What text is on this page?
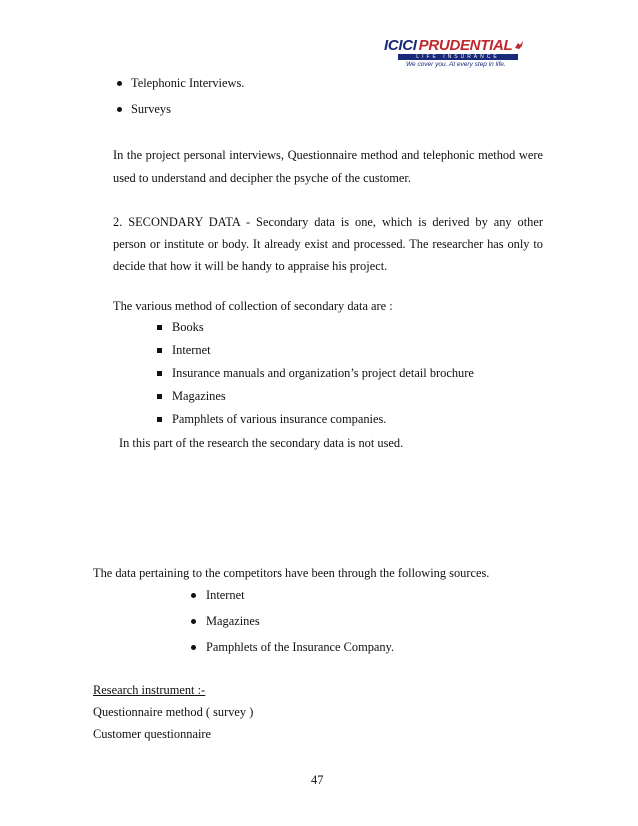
ICICI PRUDENTIAL
LIFE INSURANCE
We cover you. At every step in life.
Telephonic Interviews.
Surveys
In the project personal interviews, Questionnaire method and telephonic method were
used to understand and decipher the psyche of the customer.
2. SECONDARY DATA - Secondary data is one, which is derived by any other
person or institute or body. It already exist and processed. The researcher has only to
decide that how it will be handy to appraise his project.
The various method of collection of secondary data are :
Books
Internet
Insurance manuals and organization’s project detail brochure
Magazines
Pamphlets of various insurance companies.
In this part of the research the secondary data is not used.
The data pertaining to the competitors have been through the following sources.
Internet
Magazines
Pamphlets of the Insurance Company.
Research instrument :-
Questionnaire method ( survey )
Customer questionnaire
47
